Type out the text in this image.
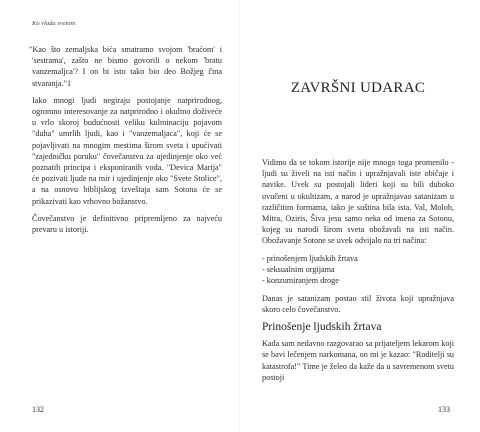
Ko vlada svetom

"Kao što zemaljska bića smatramo svojom 'braćom' i 'sestrama', zašto ne bismo govorili o nekom 'bratu vanzemaljca'? I on bi isto tako bio deo Božjeg čina stvaranja."1

Iako mnogi ljudi negiraju postojanje natprirodnog, ogromno interesovanje za natprirodno i okultno doživeće u vrlo skoroj budućnosti veliku kulminaciju pojavom "duha" umrlih ljudi, kao i "vanzemaljaca", koji će se pojavljivati na mnogim mestima širom sveta i upućivati "zajedničku poruku" čovečanstvu za ujedinjenje oko već poznatih principa i eksponiranih voda. "Devica Marija" će pozivati ljude na mir i ujedinjenje oko "Svete Stolice", a na osnovu biblijskog izveštaja sam Sotona će se prikazivati kao vrhovno božanstvo.

Čovečanstvo je definitivno pripremljeno za najveću prevaru u istoriji.

132
ZAVRŠNI UDARAC

Vidimo da se tokom istorije nije mnogo toga promenilo - ljudi su živeli na isti način i upražnjavali iste običaje i navike. Uvek su postojali lideri koji su bili duboko uvučeni u okultizam, a narod je upražnjavao satanizam u različitim formama, iako je suština bila ista. Val, Moloh, Mitra, Oziris, Šiva jesu samo neka od imena za Sotonu, kojeg su narodi širom sveta obožavali na isti način. Obožavanje Sotone se uvek odvijalo na tri načina:

- prinošenjem ljudskih žrtava
- seksualnim orgijama
- konzumiranjem droge

Danas je satanizam postao stil života koji upražnjava skoro celo čovečanstvo.

Prinošenje ljudskih žrtava

Kada sam nedavno razgovarao sa prijateljem lekarom koji se bavi lečenjem narkomana, on mi je kazao: "Roditelji su katastrofa!" Time je želeo da kaže da u savremenom svetu postoji

133
